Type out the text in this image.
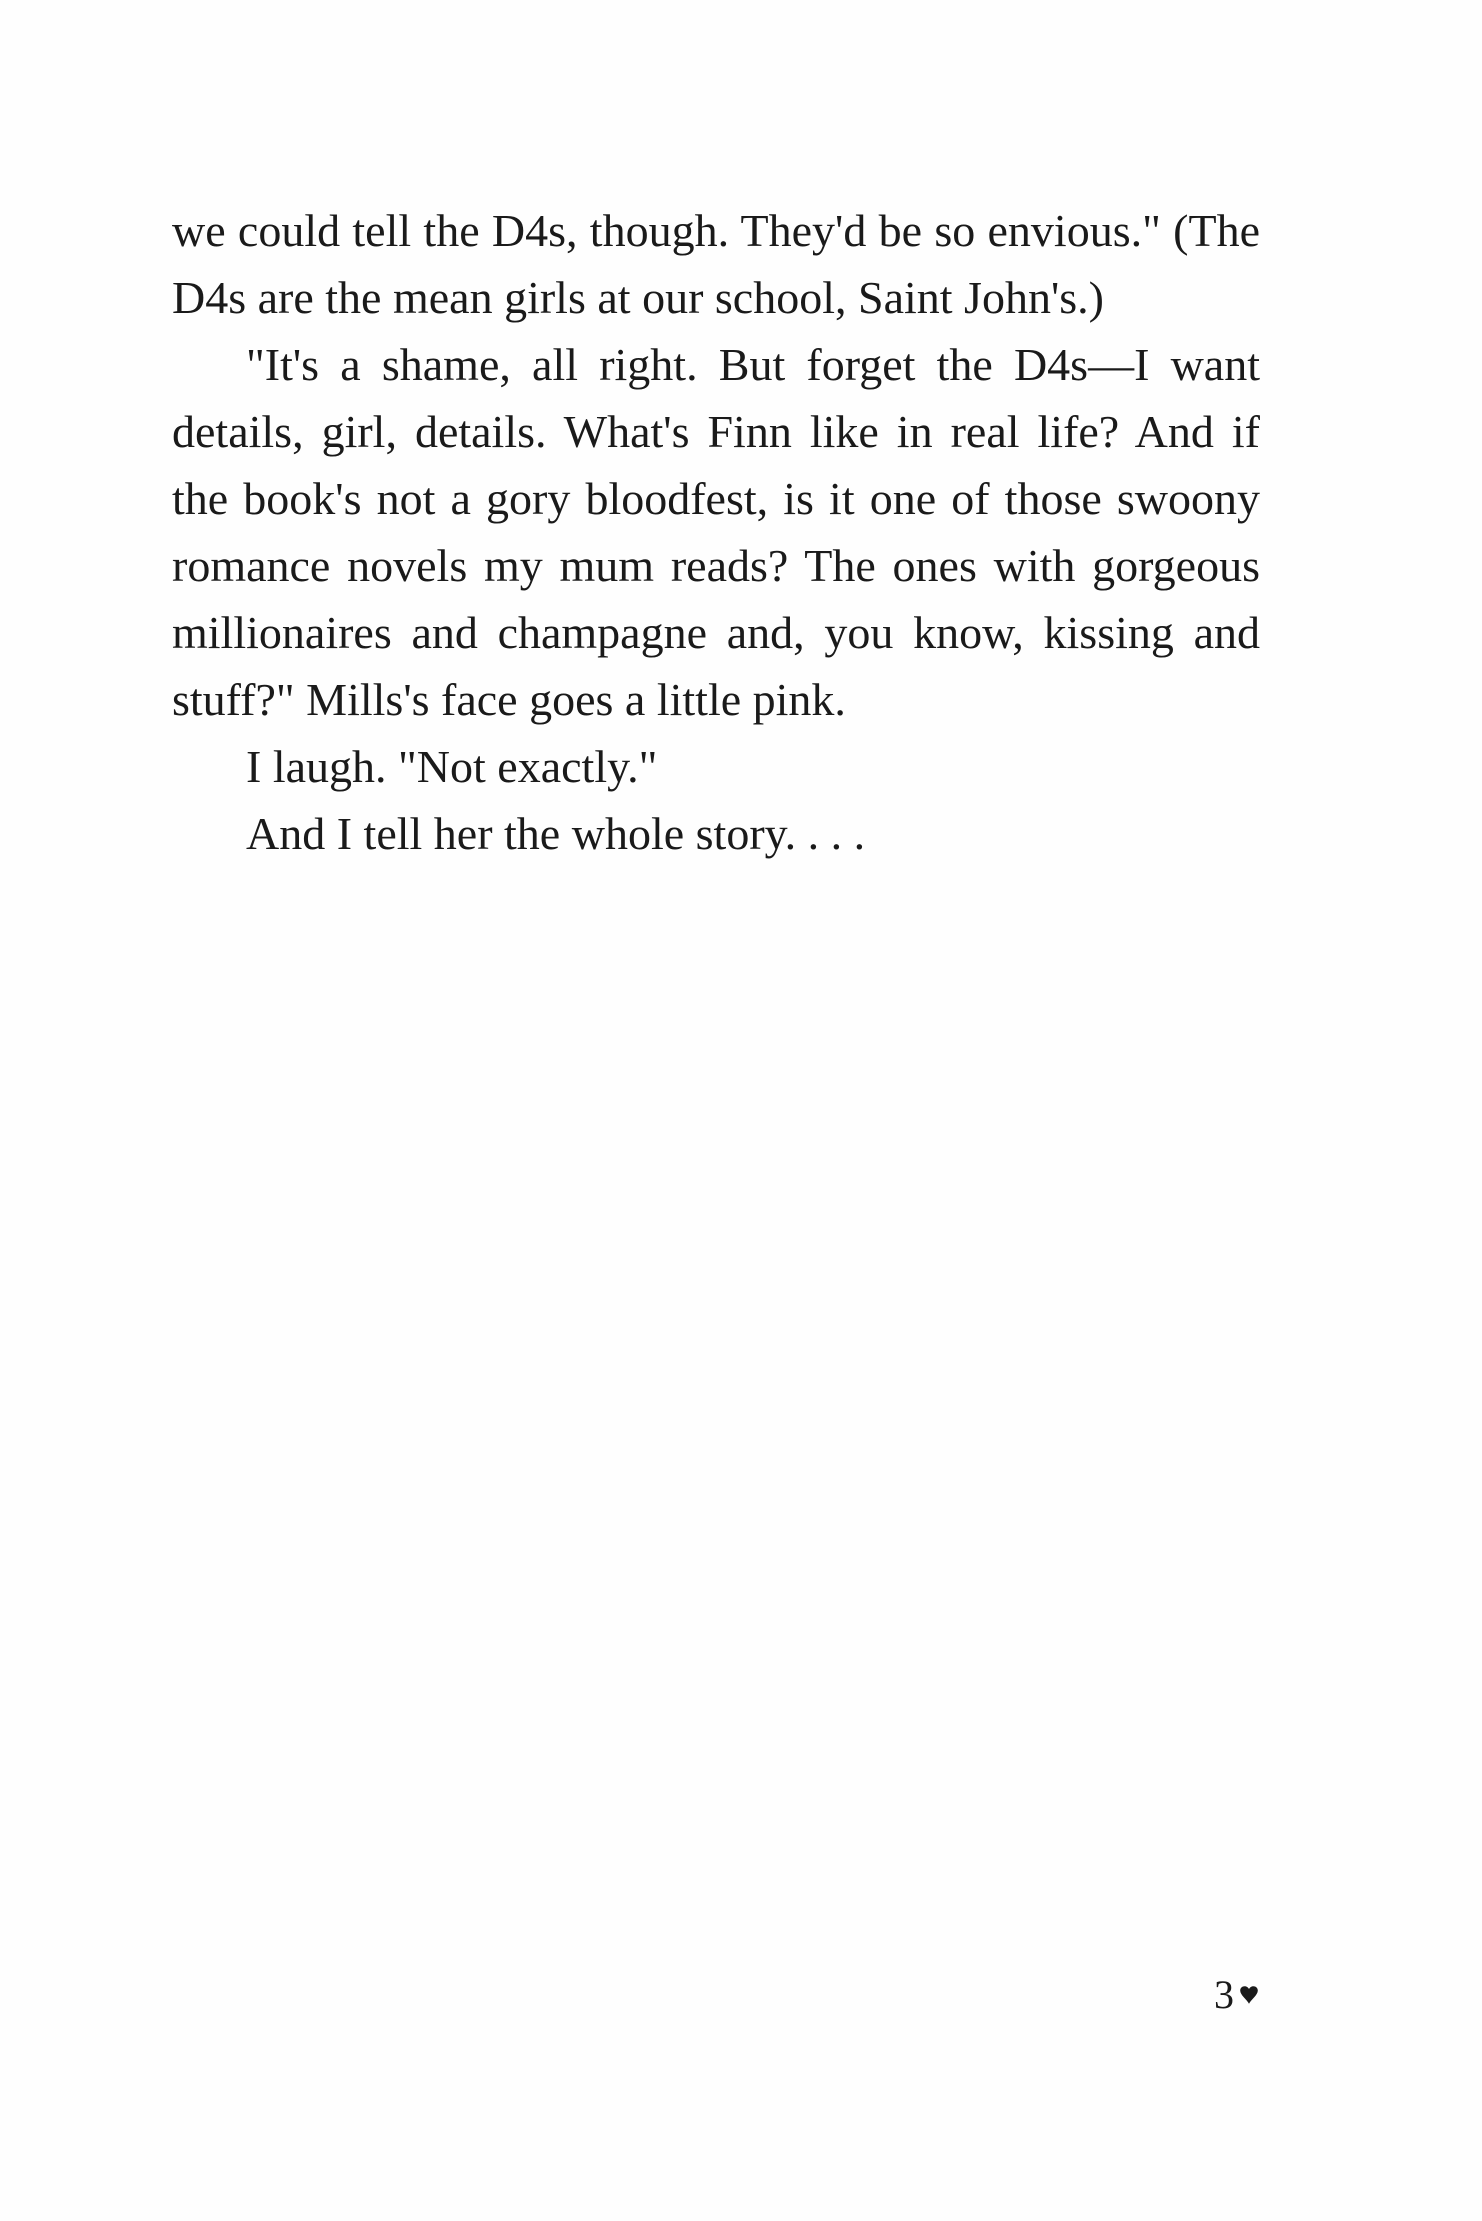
we could tell the D4s, though. They'd be so envious." (The D4s are the mean girls at our school, Saint John's.)

"It's a shame, all right. But forget the D4s—I want details, girl, details. What's Finn like in real life? And if the book's not a gory bloodfest, is it one of those swoony romance novels my mum reads? The ones with gorgeous millionaires and champagne and, you know, kissing and stuff?" Mills's face goes a little pink.

I laugh. "Not exactly."

And I tell her the whole story. . . .

3
